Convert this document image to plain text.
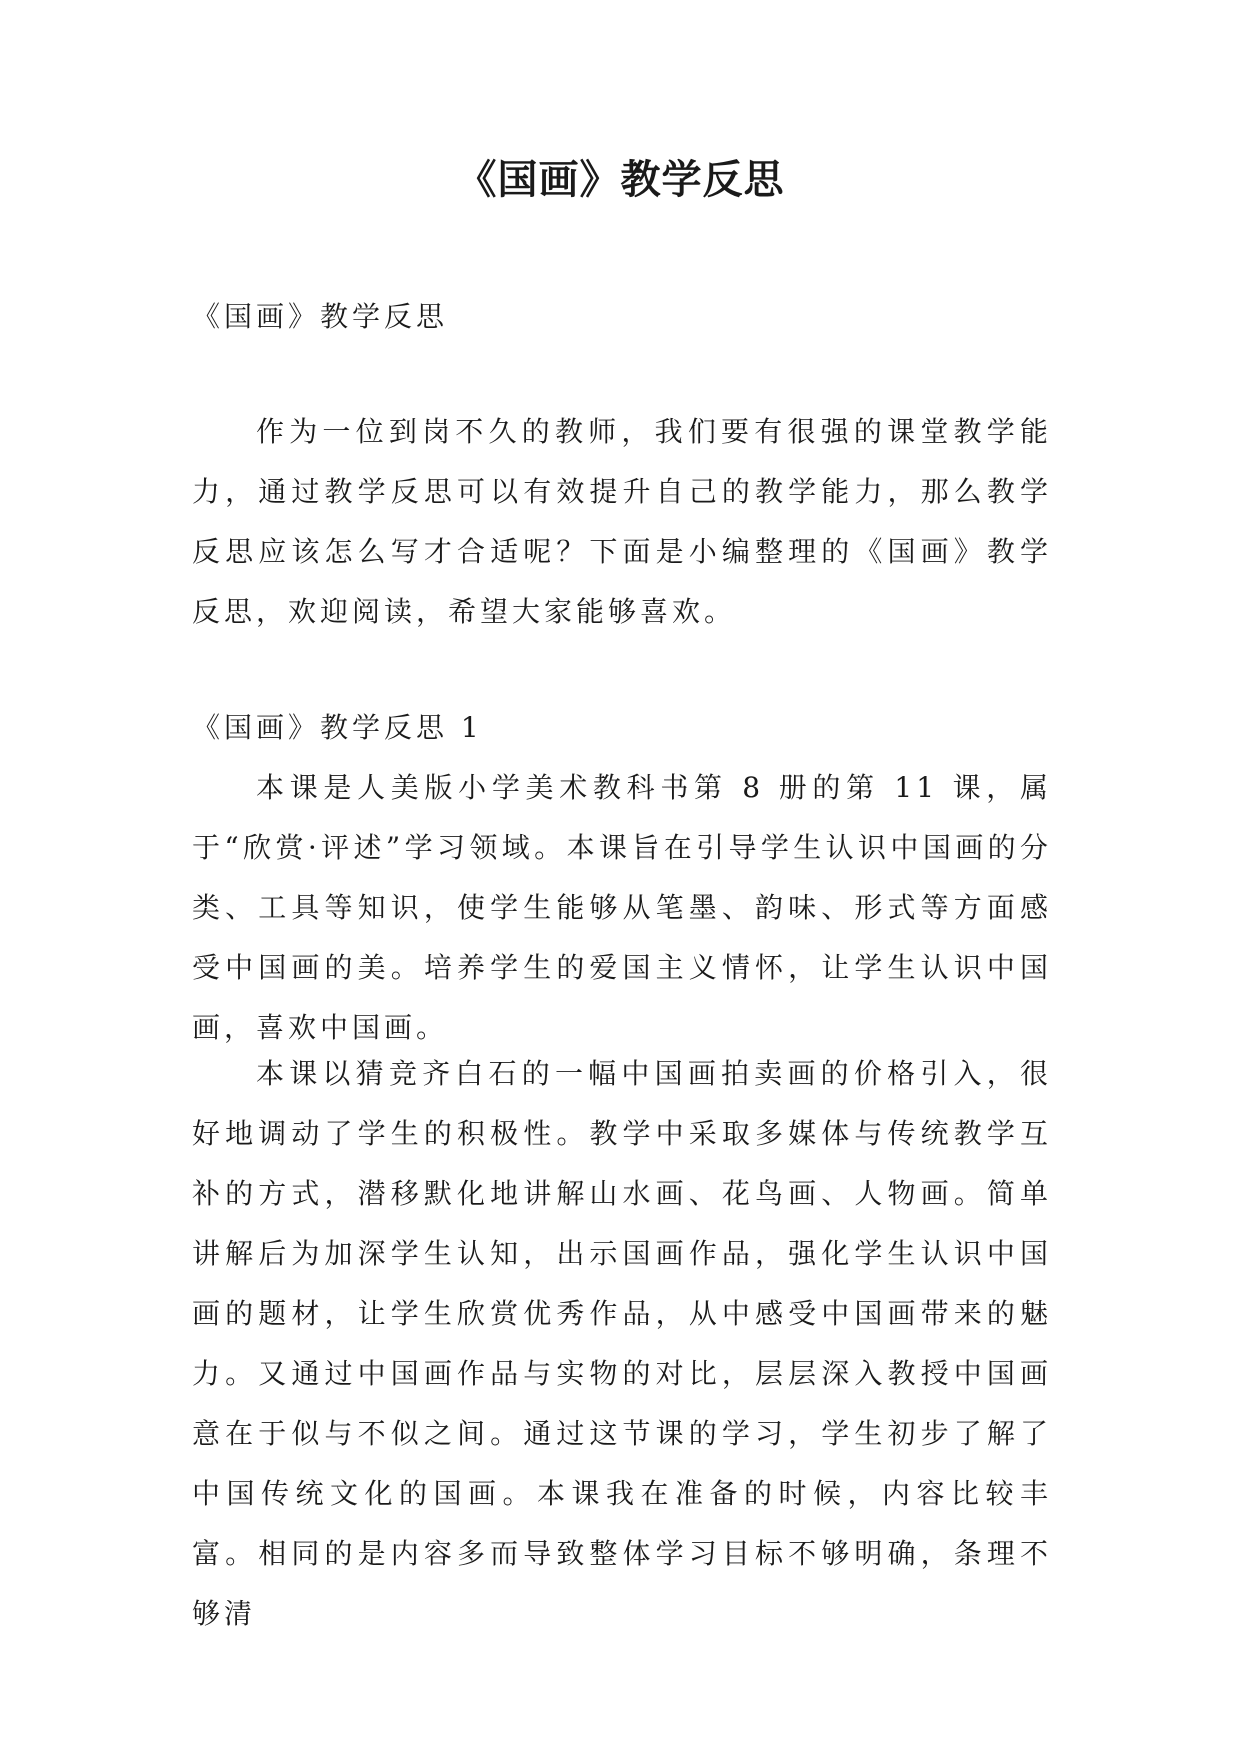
《国画》教学反思

《国画》教学反思

作为一位到岗不久的教师，我们要有很强的课堂教学能力，通过教学反思可以有效提升自己的教学能力，那么教学反思应该怎么写才合适呢？下面是小编整理的《国画》教学反思，欢迎阅读，希望大家能够喜欢。

《国画》教学反思 1

本课是人美版小学美术教科书第 8 册的第 11 课，属于“欣赏·评述”学习领域。本课旨在引导学生认识中国画的分类、工具等知识，使学生能够从笔墨、韵味、形式等方面感受中国画的美。培养学生的爱国主义情怀，让学生认识中国画，喜欢中国画。

本课以猜竞齐白石的一幅中国画拍卖画的价格引入，很好地调动了学生的积极性。教学中采取多媒体与传统教学互补的方式，潜移默化地讲解山水画、花鸟画、人物画。简单讲解后为加深学生认知，出示国画作品，强化学生认识中国画的题材，让学生欣赏优秀作品，从中感受中国画带来的魅力。又通过中国画作品与实物的对比，层层深入教授中国画意在于似与不似之间。通过这节课的学习，学生初步了解了中国传统文化的国画。本课我在准备的时候，内容比较丰富。相同的是内容多而导致整体学习目标不够明确，条理不够清
